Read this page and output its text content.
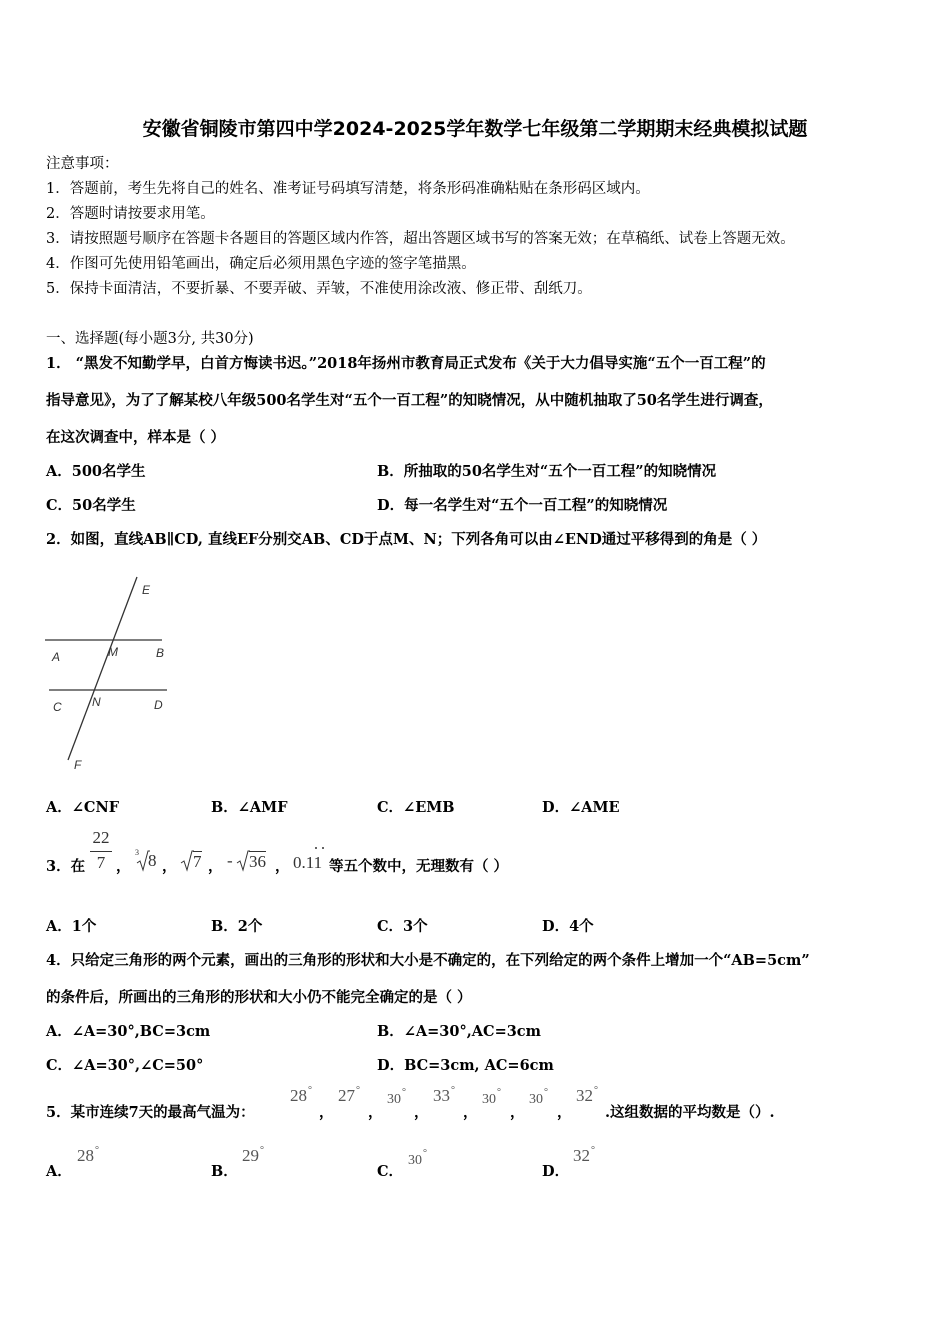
安徽省铜陵市第四中学2024-2025学年数学七年级第二学期期末经典模拟试题
注意事项：
1．答题前，考生先将自己的姓名、准考证号码填写清楚，将条形码准确粘贴在条形码区域内。
2．答题时请按要求用笔。
3．请按照题号顺序在答题卡各题目的答题区域内作答，超出答题区域书写的答案无效；在草稿纸、试卷上答题无效。
4．作图可先使用铅笔画出，确定后必须用黑色字迹的签字笔描黑。
5．保持卡面清洁，不要折暴、不要弄破、弄皱，不准使用涂改液、修正带、刮纸刀。
一、选择题(每小题3分, 共30分)
1． “黑发不知勤学早，白首方悔读书迟。”2018年扬州市教育局正式发布《关于大力倡导实施“五个一百工程”的
指导意见》，为了了解某校八年级500名学生对“五个一百工程”的知晓情况，从中随机抽取了50名学生进行调查，
在这次调查中，样本是（ ）
A．500名学生	B．所抽取的50名学生对“五个一百工程”的知晓情况
C．50名学生	D．每一名学生对“五个一百工程”的知晓情况
2．如图，直线AB∥CD, 直线EF分别交AB、CD于点M、N；下列各角可以由∠END通过平移得到的角是（ ）
E
A	M	B
C	N	D
F
A．∠CNF	B．∠AMF	C．∠EMB	D．∠AME
3．在
22
7 ，
3 8 ， 7 ， - 36 ， 0.11 等五个数中，无理数有（ ）
A．1个	B．2个	C．3个	D．4个
4．只给定三角形的两个元素，画出的三角形的形状和大小是不确定的，在下列给定的两个条件上增加一个“AB=5cm”
的条件后，所画出的三角形的形状和大小仍不能完全确定的是（ ）
A．∠A=30°,BC=3cm	B．∠A=30°,AC=3cm
C．∠A=30°,∠C=50°	D．BC=3cm, AC=6cm
5．某市连续7天的最高气温为：
28°
，
27°
，
30°
，
33°
，
30°
，
30°
，
32°
.这组数据的平均数是（）.
A．
28°
B．
29°
C．
30°
D．
32°
